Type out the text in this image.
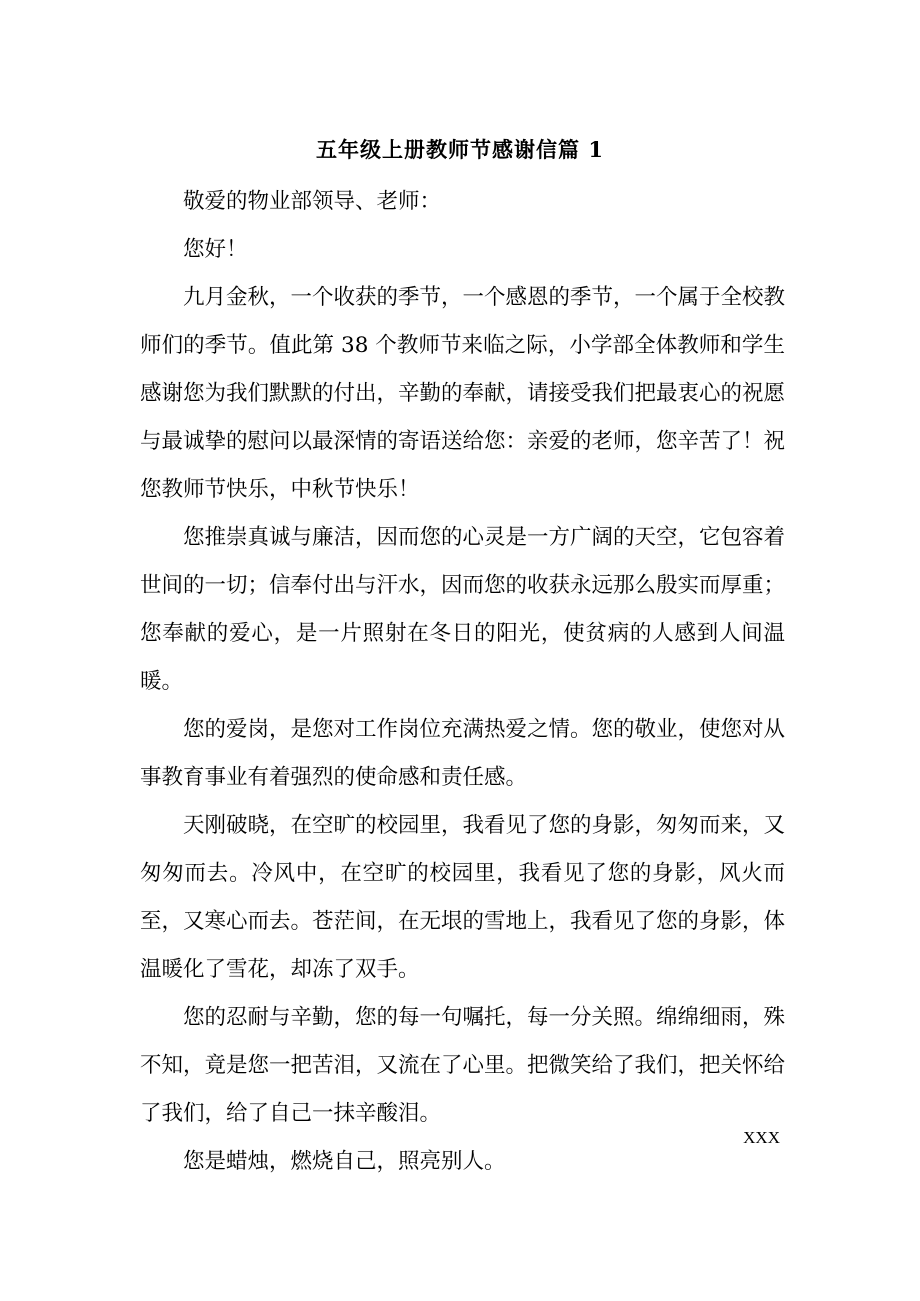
五年级上册教师节感谢信篇 1

敬爱的物业部领导、老师：

您好！

九月金秋，一个收获的季节，一个感恩的季节，一个属于全校教师们的季节。值此第 38 个教师节来临之际，小学部全体教师和学生感谢您为我们默默的付出，辛勤的奉献，请接受我们把最衷心的祝愿与最诚挚的慰问以最深情的寄语送给您：亲爱的老师，您辛苦了！祝您教师节快乐，中秋节快乐！

您推崇真诚与廉洁，因而您的心灵是一方广阔的天空，它包容着世间的一切；信奉付出与汗水，因而您的收获永远那么殷实而厚重；您奉献的爱心，是一片照射在冬日的阳光，使贫病的人感到人间温暖。

您的爱岗，是您对工作岗位充满热爱之情。您的敬业，使您对从事教育事业有着强烈的使命感和责任感。

天刚破晓，在空旷的校园里，我看见了您的身影，匆匆而来，又匆匆而去。冷风中，在空旷的校园里，我看见了您的身影，风火而至，又寒心而去。苍茫间，在无垠的雪地上，我看见了您的身影，体温暖化了雪花，却冻了双手。

您的忍耐与辛勤，您的每一句嘱托，每一分关照。绵绵细雨，殊不知，竟是您一把苦泪，又流在了心里。把微笑给了我们，把关怀给了我们，给了自己一抹辛酸泪。

您是蜡烛，燃烧自己，照亮别人。

XXX
